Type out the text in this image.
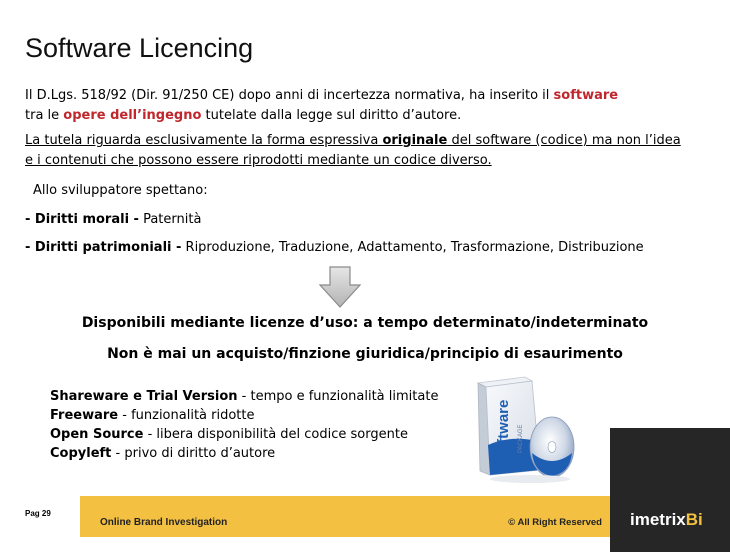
Software Licencing
Il D.Lgs. 518/92 (Dir. 91/250 CE) dopo anni di incertezza normativa, ha inserito il software
tra le opere dell’ingegno tutelate dalla legge sul diritto d’autore.
La tutela riguarda esclusivamente la forma espressiva originale del software (codice) ma non l’idea
e i contenuti che possono essere riprodotti mediante un codice diverso.
Allo sviluppatore spettano:
- Diritti morali - Paternità
- Diritti patrimoniali - Riproduzione, Traduzione, Adattamento, Trasformazione, Distribuzione
Disponibili mediante licenze d’uso: a tempo determinato/indeterminato
Non è mai un acquisto/finzione giuridica/principio di esaurimento
Shareware e Trial Version - tempo e funzionalità limitate
Freeware - funzionalità ridotte
Open Source - libera disponibilità del codice sorgente
Copyleft - privo di diritto d’autore	Software PACKAGE
Pag 29
Online Brand Investigation	© All Right Reserved imetrixBi
